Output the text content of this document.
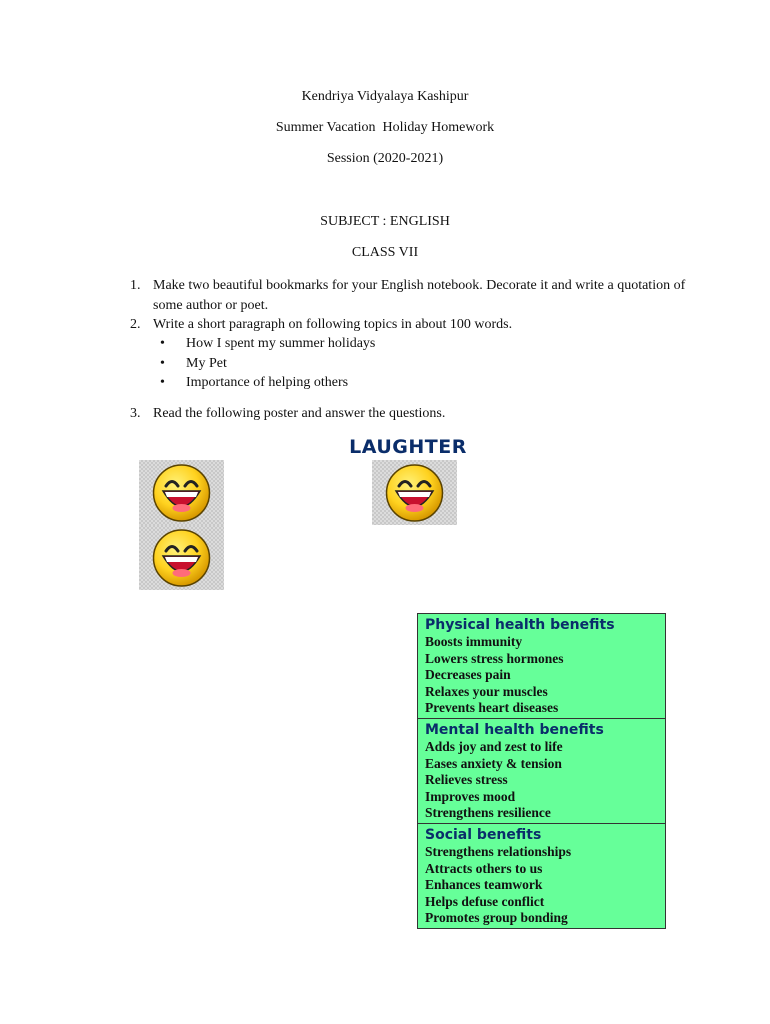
Kendriya Vidyalaya Kashipur
Summer Vacation  Holiday Homework
Session (2020-2021)
SUBJECT : ENGLISH
CLASS VII
1. Make two beautiful bookmarks for your English notebook. Decorate it and write a quotation of some author or poet.
2. Write a short paragraph on following topics in about 100 words.
• How I spent my summer holidays
• My Pet
• Importance of helping others
3. Read the following poster and answer the questions.
LAUGHTER
Physical health benefits
Boosts immunity
Lowers stress hormones
Decreases pain
Relaxes your muscles
Prevents heart diseases
Mental health benefits
Adds joy and zest to life
Eases anxiety & tension
Relieves stress
Improves mood
Strengthens resilience
Social benefits
Strengthens relationships
Attracts others to us
Enhances teamwork
Helps defuse conflict
Promotes group bonding
